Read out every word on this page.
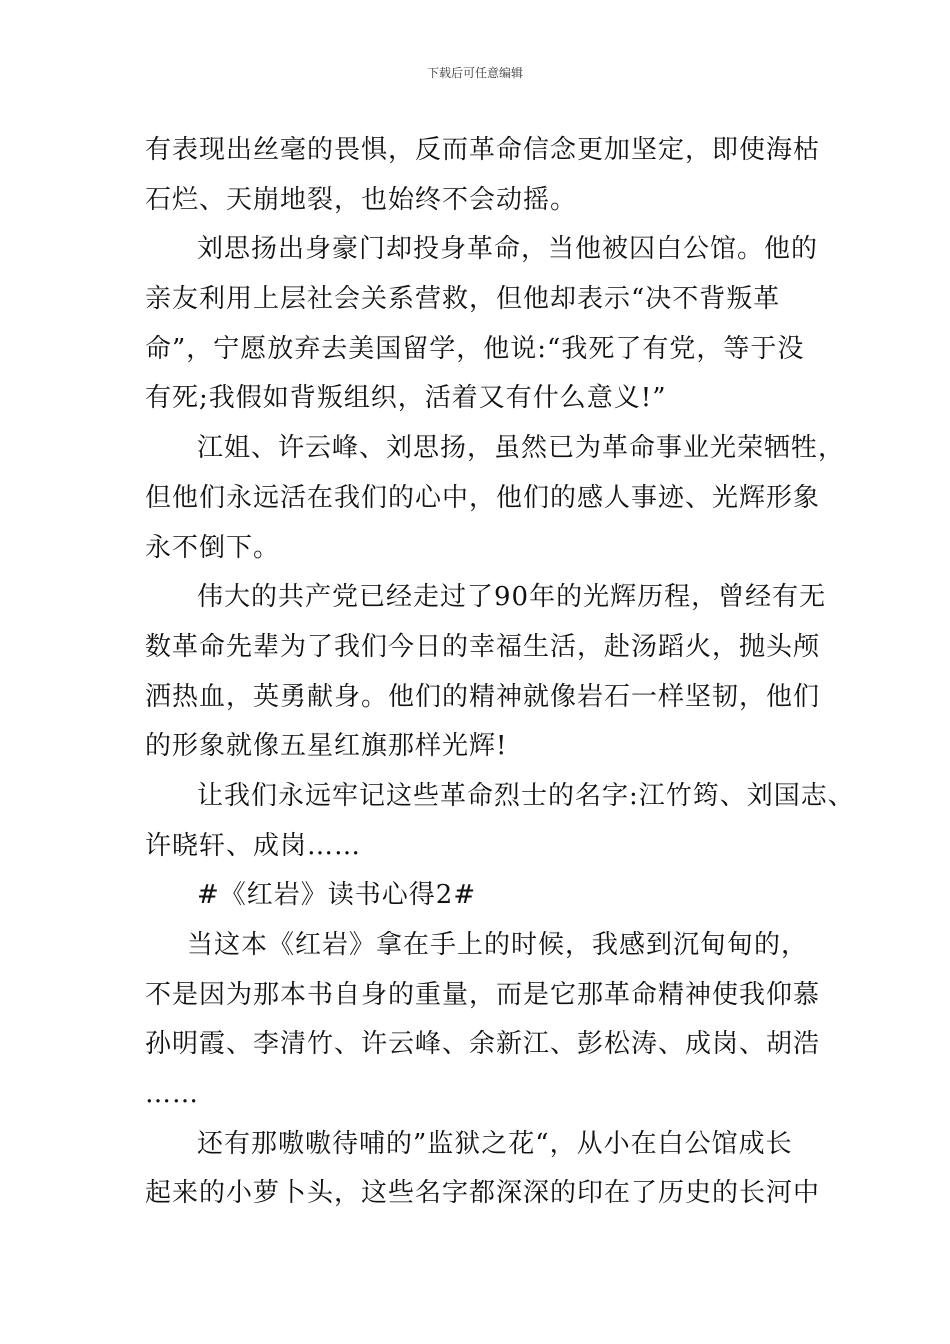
下载后可任意编辑
有表现出丝毫的畏惧，反而革命信念更加坚定，即使海枯
石烂、天崩地裂，也始终不会动摇。
刘思扬出身豪门却投身革命，当他被囚白公馆。他的
亲友利用上层社会关系营救，但他却表示“决不背叛革
命”，宁愿放弃去美国留学，他说:“我死了有党，等于没
有死;我假如背叛组织，活着又有什么意义!”
江姐、许云峰、刘思扬，虽然已为革命事业光荣牺牲，
但他们永远活在我们的心中，他们的感人事迹、光辉形象
永不倒下。
伟大的共产党已经走过了90年的光辉历程，曾经有无
数革命先辈为了我们今日的幸福生活，赴汤蹈火，抛头颅
洒热血，英勇献身。他们的精神就像岩石一样坚韧，他们
的形象就像五星红旗那样光辉!
让我们永远牢记这些革命烈士的名字:江竹筠、刘国志、
许晓轩、成岗……
#《红岩》读书心得2#
当这本《红岩》拿在手上的时候，我感到沉甸甸的，
不是因为那本书自身的重量，而是它那革命精神使我仰慕
孙明霞、李清竹、许云峰、余新江、彭松涛、成岗、胡浩
……
还有那嗷嗷待哺的”监狱之花“，从小在白公馆成长
起来的小萝卜头，这些名字都深深的印在了历史的长河中
